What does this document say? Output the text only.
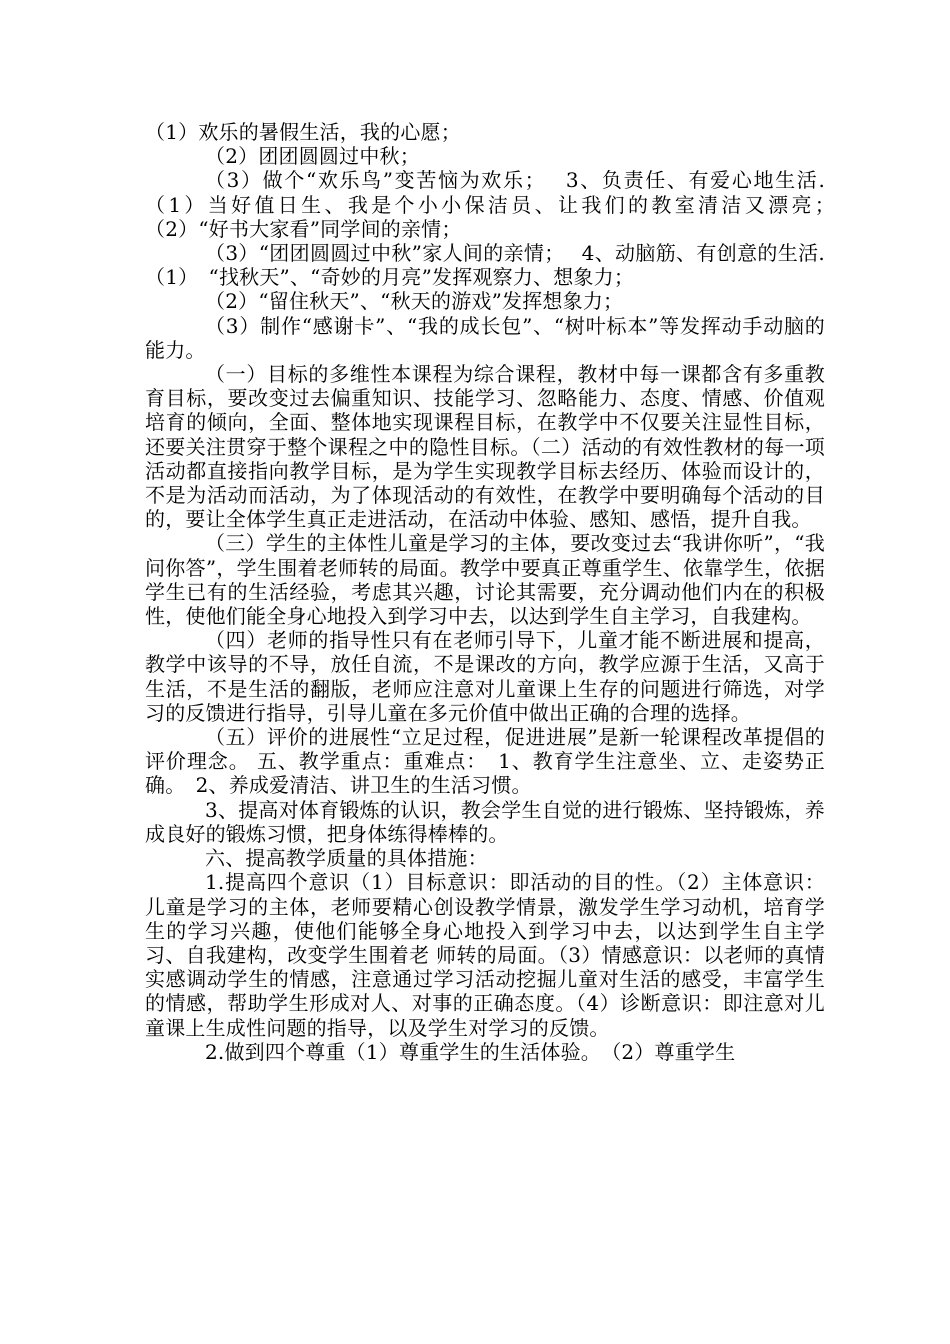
（1）欢乐的暑假生活，我的心愿；

（2）团团圆圆过中秋；

（3）做个“欢乐鸟”变苦恼为欢乐；　 3、负责任、有爱心地生活. （1）当好值日生、我是个小小保洁员、让我们的教室清洁又漂亮；　（2）“好书大家看”同学间的亲情；

（3）“团团圆圆过中秋”家人间的亲情；　 4、动脑筋、有创意的生活. （1）　“找秋天”、“奇妙的月亮”发挥观察力、想象力；

（2）“留住秋天”、“秋天的游戏”发挥想象力；

（3）制作“感谢卡”、“我的成长包”、“树叶标本”等发挥动手动脑的能力。

（一）目标的多维性本课程为综合课程，教材中每一课都含有多重教育目标，要改变过去偏重知识、技能学习、忽略能力、态度、情感、价值观培育的倾向，全面、整体地实现课程目标，在教学中不仅要关注显性目标，还要关注贯穿于整个课程之中的隐性目标。（二）活动的有效性教材的每一项活动都直接指向教学目标，是为学生实现教学目标去经历、体验而设计的，不是为活动而活动，为了体现活动的有效性，在教学中要明确每个活动的目的，要让全体学生真正走进活动，在活动中体验、感知、感悟，提升自我。

（三）学生的主体性儿童是学习的主体，要改变过去“我讲你听”，“我问你答”，学生围着老师转的局面。教学中要真正尊重学生、依靠学生，依据学生已有的生活经验，考虑其兴趣，讨论其需要，充分调动他们内在的积极性，使他们能全身心地投入到学习中去，以达到学生自主学习，自我建构。

（四）老师的指导性只有在老师引导下，儿童才能不断进展和提高，教学中该导的不导，放任自流，不是课改的方向，教学应源于生活，又高于生活，不是生活的翻版，老师应注意对儿童课上生存的问题进行筛选，对学习的反馈进行指导，引导儿童在多元价值中做出正确的合理的选择。

（五）评价的进展性“立足过程，促进进展”是新一轮课程改革提倡的评价理念。 五、教学重点：重难点：　1、教育学生注意坐、立、走姿势正确。　2、养成爱清洁、讲卫生的生活习惯。

3、提高对体育锻炼的认识，教会学生自觉的进行锻炼、坚持锻炼，养成良好的锻炼习惯，把身体练得棒棒的。

六、提高教学质量的具体措施：

1.提高四个意识（1）目标意识：即活动的目的性。（2）主体意识：儿童是学习的主体，老师要精心创设教学情景，激发学生学习动机，培育学生的学习兴趣，使他们能够全身心地投入到学习中去，以达到学生自主学习、自我建构，改变学生围着老 师转的局面。（3）情感意识：以老师的真情实感调动学生的情感，注意通过学习活动挖掘儿童对生活的感受，丰富学生的情感，帮助学生形成对人、对事的正确态度。（4）诊断意识：即注意对儿童课上生成性问题的指导，以及学生对学习的反馈。

2.做到四个尊重（1）尊重学生的生活体验。　（2）尊重学生
